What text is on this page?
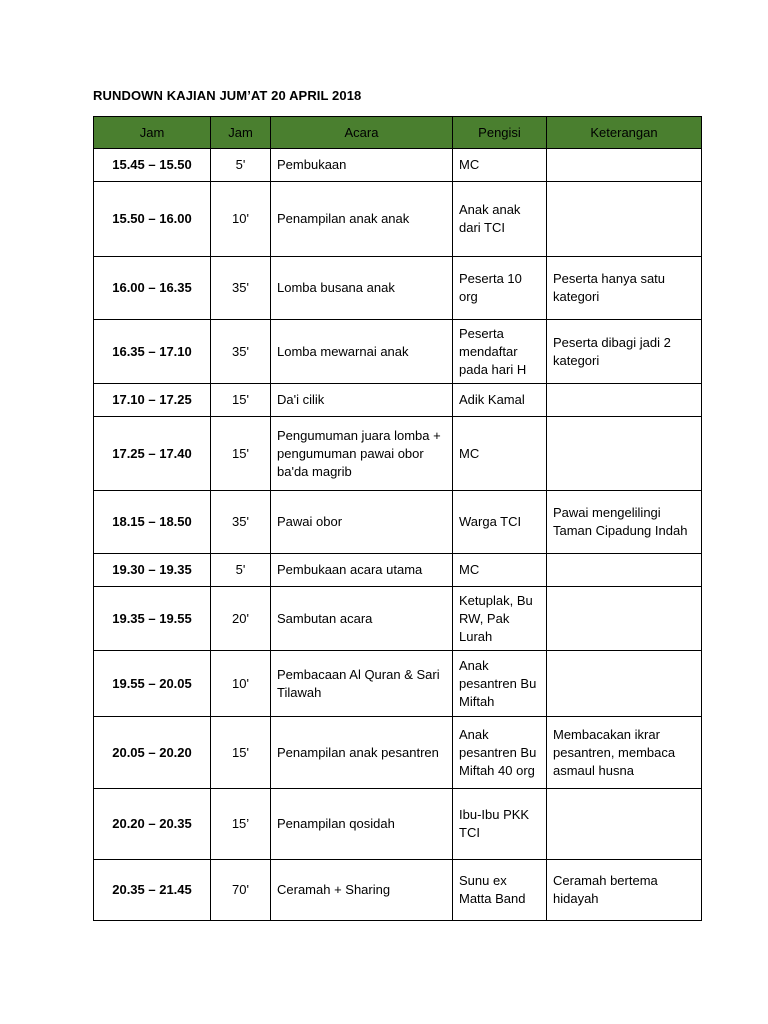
RUNDOWN KAJIAN JUM’AT 20 APRIL 2018
Jam	Jam	Acara	Pengisi	Keterangan
15.45 – 15.50	5'	Pembukaan	MC	
15.50 – 16.00	10'	Penampilan anak anak	Anak anak dari TCI	
16.00 – 16.35	35'	Lomba busana anak	Peserta 10 org	Peserta hanya satu kategori
16.35 – 17.10	35'	Lomba mewarnai anak	Peserta mendaftar pada hari H	Peserta dibagi jadi 2 kategori
17.10 – 17.25	15'	Da'i cilik	Adik Kamal	
17.25 – 17.40	15'	Pengumuman juara lomba + pengumuman pawai obor ba'da magrib	MC	
18.15 – 18.50	35'	Pawai obor	Warga TCI	Pawai mengelilingi Taman Cipadung Indah
19.30 – 19.35	5'	Pembukaan acara utama	MC	
19.35 – 19.55	20'	Sambutan acara	Ketuplak, Bu RW, Pak Lurah	
19.55 – 20.05	10'	Pembacaan Al Quran & Sari Tilawah	Anak pesantren Bu Miftah	
20.05 – 20.20	15'	Penampilan anak pesantren	Anak pesantren Bu Miftah 40 org	Membacakan ikrar pesantren, membaca asmaul husna
20.20 – 20.35	15’	Penampilan qosidah	Ibu-Ibu PKK TCI	
20.35 – 21.45	70'	Ceramah + Sharing	Sunu ex Matta Band	Ceramah bertema hidayah
